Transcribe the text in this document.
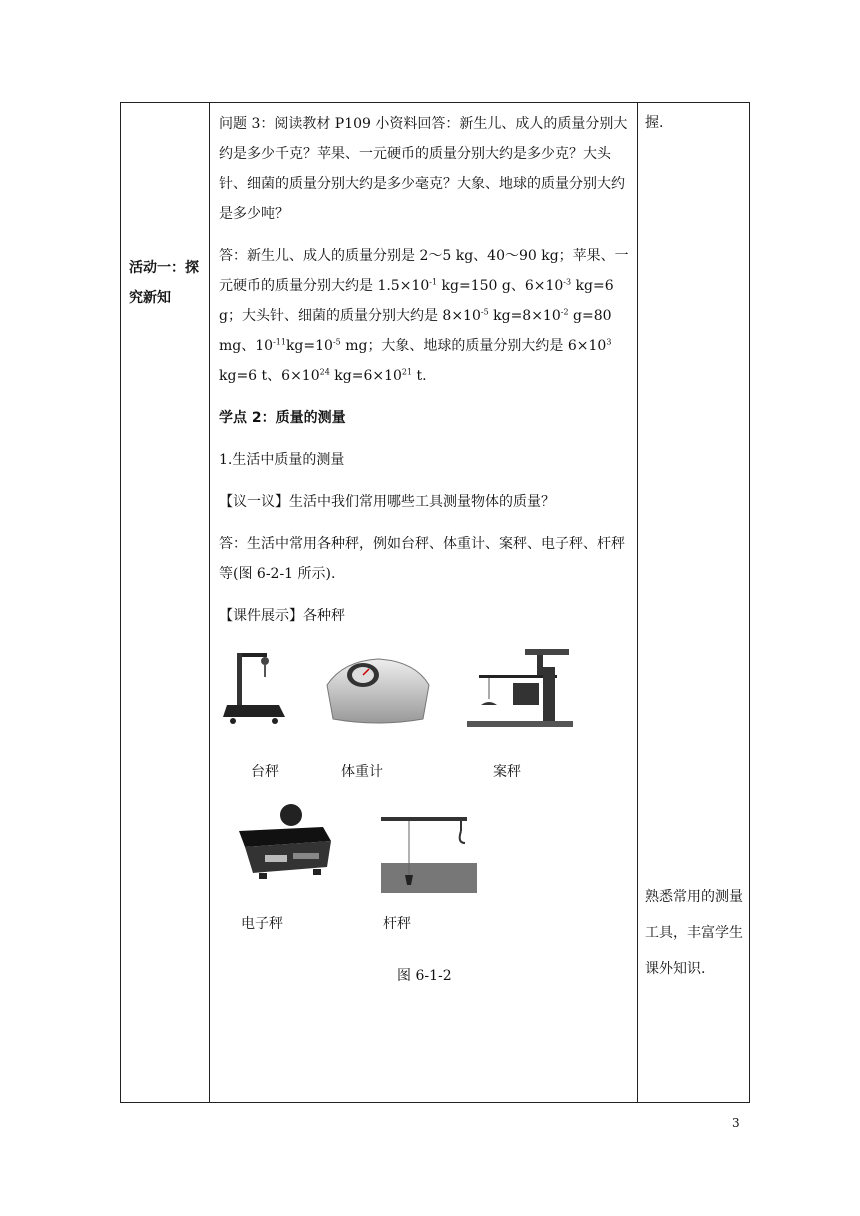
活动一：探究新知

问题 3：阅读教材 P109 小资料回答：新生儿、成人的质量分别大约是多少千克？苹果、一元硬币的质量分别大约是多少克？大头针、细菌的质量分别大约是多少毫克？大象、地球的质量分别大约是多少吨？

答：新生儿、成人的质量分别是 2～5 kg、40～90 kg；苹果、一元硬币的质量分别大约是 $1.5\times 10^{-1}$ kg=150 g、$6\times 10^{-3}$ kg=6 g；大头针、细菌的质量分别大约是 $8\times 10^{-5}$ $kg=8\times 10^{-2}$ g=80 mg、$10^{-11}kg=10^{-5}$ mg；大象、地球的质量分别大约是 $6\times 10^3$ kg=6 t、$6\times 10^{24}$ $kg=6\times 10^{21}$ t.

学点 2：质量的测量

1.生活中质量的测量

【议一议】生活中我们常用哪些工具测量物体的质量？

答：生活中常用各种秤，例如台秤、体重计、案秤、电子秤、杆秤等(图 6-2-1 所示).

【课件展示】各种秤

台秤	体重计	案秤
电子秤	杆秤
图 6-1-2
握.
熟悉常用的测量工具，丰富学生课外知识.
3
